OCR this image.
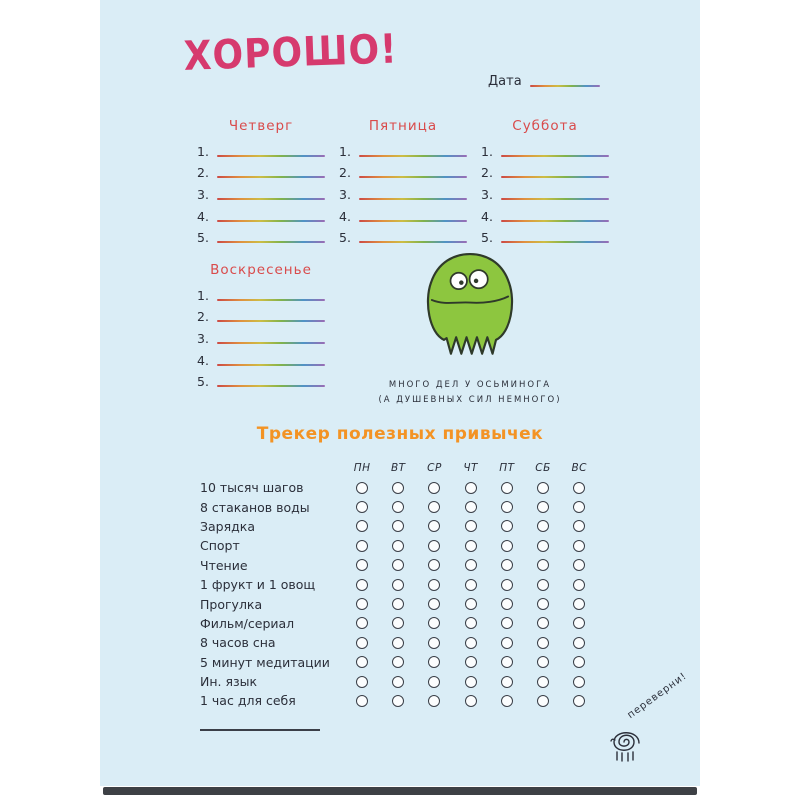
ХОРОШО!
Дата
Четверг
1.
2.
3.
4.
5.
Пятница
1.
2.
3.
4.
5.
Суббота
1.
2.
3.
4.
5.
Воскресенье
1.
2.
3.
4.
5.	МНОГО ДЕЛ У ОСЬМИНОГА
(А ДУШЕВНЫХ СИЛ НЕМНОГО)
Трекер полезных привычек
ПН ВТ СР ЧТ ПТ СБ ВС
10 тысяч шагов
8 стаканов воды
Зарядка
Спорт
Чтение
1 фрукт и 1 овощ
Прогулка
Фильм/сериал
8 часов сна
5 минут медитации
Ин. язык
1 час для себя	переверни!
